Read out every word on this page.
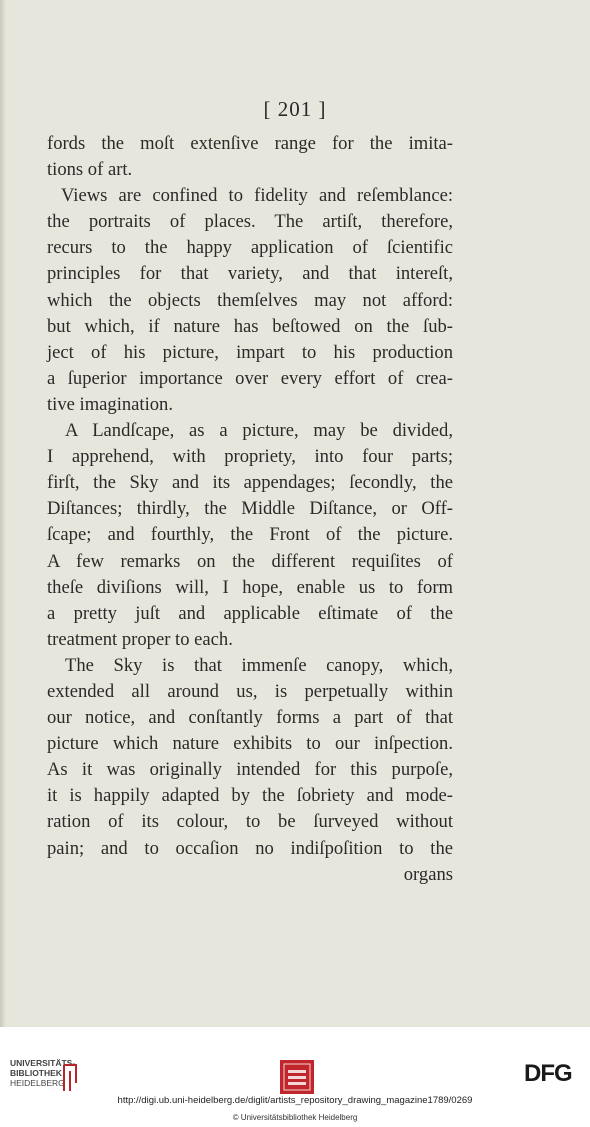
[ 201 ]
fords the moſt extenſive range for the imita-
tions of art.
Views are confined to fidelity and reſemblance:
the portraits of places. The artiſt, therefore,
recurs to the happy application of ſcientific
principles for that variety, and that intereſt,
which the objects themſelves may not afford:
but which, if nature has beſtowed on the ſub-
ject of his picture, impart to his production
a ſuperior importance over every effort of crea-
tive imagination.
A Landſcape, as a picture, may be divided,
I apprehend, with propriety, into four parts;
firſt, the Sky and its appendages; ſecondly, the
Diſtances; thirdly, the Middle Diſtance, or Off-
ſcape; and fourthly, the Front of the picture.
A few remarks on the different requiſites of
theſe diviſions will, I hope, enable us to form
a pretty juſt and applicable eſtimate of the
treatment proper to each.
The Sky is that immenſe canopy, which,
extended all around us, is perpetually within
our notice, and conſtantly forms a part of that
picture which nature exhibits to our inſpection.
As it was originally intended for this purpoſe,
it is happily adapted by the ſobriety and mode-
ration of its colour, to be ſurveyed without
pain; and to occaſion no indiſpoſition to the
organs
UNIVERSITÄTS-
BIBLIOTHEK
HEIDELBERG	DFG
http://digi.ub.uni-heidelberg.de/diglit/artists_repository_drawing_magazine1789/0269
© Universitätsbibliothek Heidelberg
